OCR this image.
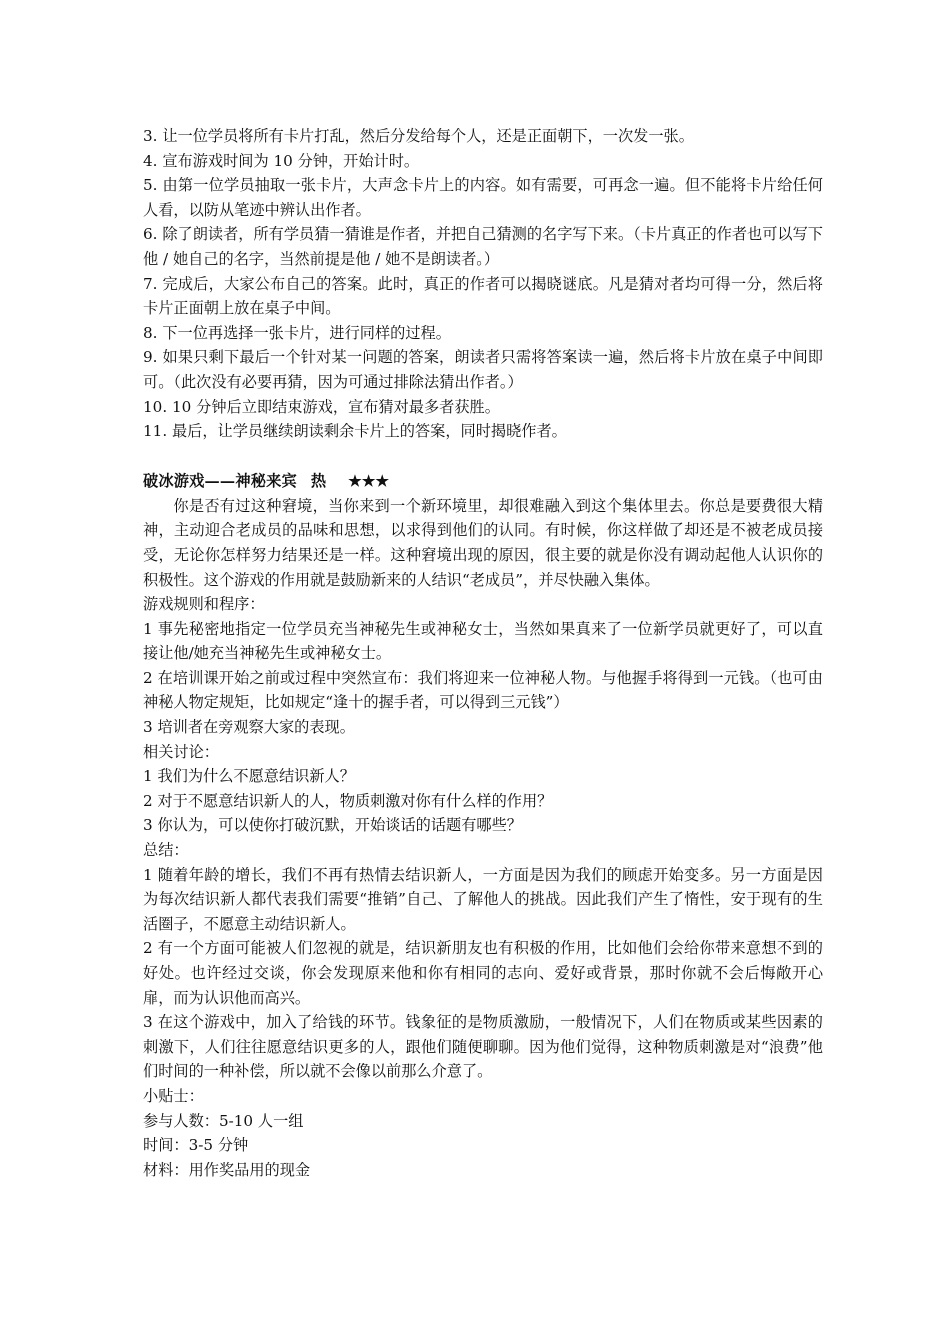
3. 让一位学员将所有卡片打乱，然后分发给每个人，还是正面朝下，一次发一张。

4. 宣布游戏时间为 10 分钟，开始计时。

5. 由第一位学员抽取一张卡片，大声念卡片上的内容。如有需要，可再念一遍。但不能将卡片给任何人看，以防从笔迹中辨认出作者。

6. 除了朗读者，所有学员猜一猜谁是作者，并把自己猜测的名字写下来。（卡片真正的作者也可以写下他 / 她自己的名字，当然前提是他 / 她不是朗读者。）

7. 完成后，大家公布自己的答案。此时，真正的作者可以揭晓谜底。凡是猜对者均可得一分，然后将卡片正面朝上放在桌子中间。

8. 下一位再选择一张卡片，进行同样的过程。

9. 如果只剩下最后一个针对某一问题的答案，朗读者只需将答案读一遍，然后将卡片放在桌子中间即可。（此次没有必要再猜，因为可通过排除法猜出作者。）

10. 10 分钟后立即结束游戏，宣布猜对最多者获胜。

11. 最后，让学员继续朗读剩余卡片上的答案，同时揭晓作者。

破冰游戏——神秘来宾 热 ★★★

你是否有过这种窘境，当你来到一个新环境里，却很难融入到这个集体里去。你总是要费很大精神，主动迎合老成员的品味和思想，以求得到他们的认同。有时候，你这样做了却还是不被老成员接受，无论你怎样努力结果还是一样。这种窘境出现的原因，很主要的就是你没有调动起他人认识你的积极性。这个游戏的作用就是鼓励新来的人结识“老成员”，并尽快融入集体。

游戏规则和程序：

1 事先秘密地指定一位学员充当神秘先生或神秘女士，当然如果真来了一位新学员就更好了，可以直接让他/她充当神秘先生或神秘女士。

2 在培训课开始之前或过程中突然宣布：我们将迎来一位神秘人物。与他握手将得到一元钱。（也可由神秘人物定规矩，比如规定“逢十的握手者，可以得到三元钱”）

3 培训者在旁观察大家的表现。

相关讨论：

1 我们为什么不愿意结识新人？

2 对于不愿意结识新人的人，物质刺激对你有什么样的作用？

3 你认为，可以使你打破沉默，开始谈话的话题有哪些？

总结：

1 随着年龄的增长，我们不再有热情去结识新人，一方面是因为我们的顾虑开始变多。另一方面是因为每次结识新人都代表我们需要“推销”自己、了解他人的挑战。因此我们产生了惰性，安于现有的生活圈子，不愿意主动结识新人。

2 有一个方面可能被人们忽视的就是，结识新朋友也有积极的作用，比如他们会给你带来意想不到的好处。也许经过交谈，你会发现原来他和你有相同的志向、爱好或背景，那时你就不会后悔敞开心扉，而为认识他而高兴。

3 在这个游戏中，加入了给钱的环节。钱象征的是物质激励，一般情况下，人们在物质或某些因素的刺激下，人们往往愿意结识更多的人，跟他们随便聊聊。因为他们觉得，这种物质刺激是对“浪费”他们时间的一种补偿，所以就不会像以前那么介意了。

小贴士：

参与人数：5-10 人一组

时间：3-5 分钟

材料：用作奖品用的现金
